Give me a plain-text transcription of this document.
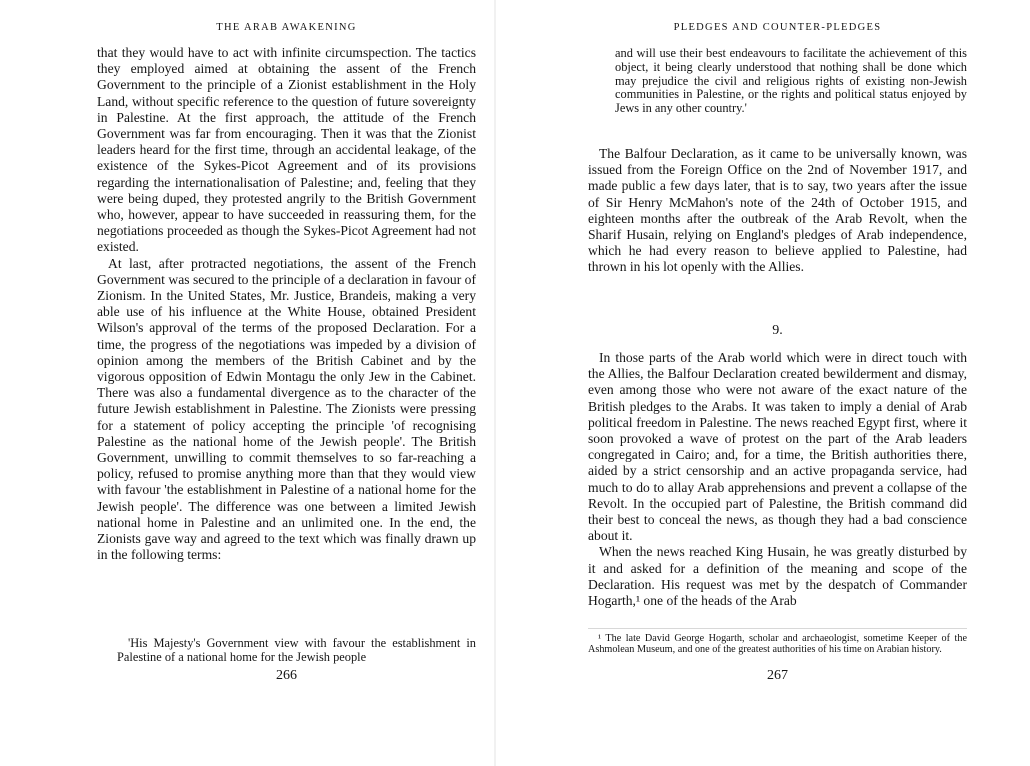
THE ARAB AWAKENING

that they would have to act with infinite circumspection. The tactics they employed aimed at obtaining the assent of the French Government to the principle of a Zionist establishment in the Holy Land, without specific reference to the question of future sovereignty in Palestine. At the first approach, the attitude of the French Government was far from encouraging. Then it was that the Zionist leaders heard for the first time, through an accidental leakage, of the existence of the Sykes-Picot Agreement and of its provisions regarding the internationalisation of Palestine; and, feeling that they were being duped, they protested angrily to the British Government who, however, appear to have succeeded in reassuring them, for the negotiations proceeded as though the Sykes-Picot Agreement had not existed.

At last, after protracted negotiations, the assent of the French Government was secured to the principle of a declaration in favour of Zionism. In the United States, Mr. Justice, Brandeis, making a very able use of his influence at the White House, obtained President Wilson's approval of the terms of the proposed Declaration. For a time, the progress of the negotiations was impeded by a division of opinion among the members of the British Cabinet and by the vigorous opposition of Edwin Montagu the only Jew in the Cabinet. There was also a fundamental divergence as to the character of the future Jewish establishment in Palestine. The Zionists were pressing for a statement of policy accepting the principle 'of recognising Palestine as the national home of the Jewish people'. The British Government, unwilling to commit themselves to so far-reaching a policy, refused to promise anything more than that they would view with favour 'the establishment in Palestine of a national home for the Jewish people'. The difference was one between a limited Jewish national home in Palestine and an unlimited one. In the end, the Zionists gave way and agreed to the text which was finally drawn up in the following terms:

'His Majesty's Government view with favour the establishment in Palestine of a national home for the Jewish people

266
PLEDGES AND COUNTER-PLEDGES

and will use their best endeavours to facilitate the achievement of this object, it being clearly understood that nothing shall be done which may prejudice the civil and religious rights of existing non-Jewish communities in Palestine, or the rights and political status enjoyed by Jews in any other country.'

The Balfour Declaration, as it came to be universally known, was issued from the Foreign Office on the 2nd of November 1917, and made public a few days later, that is to say, two years after the issue of Sir Henry McMahon's note of the 24th of October 1915, and eighteen months after the outbreak of the Arab Revolt, when the Sharif Husain, relying on England's pledges of Arab independence, which he had every reason to believe applied to Palestine, had thrown in his lot openly with the Allies.

9.

In those parts of the Arab world which were in direct touch with the Allies, the Balfour Declaration created bewilderment and dismay, even among those who were not aware of the exact nature of the British pledges to the Arabs. It was taken to imply a denial of Arab political freedom in Palestine. The news reached Egypt first, where it soon provoked a wave of protest on the part of the Arab leaders congregated in Cairo; and, for a time, the British authorities there, aided by a strict censorship and an active propaganda service, had much to do to allay Arab apprehensions and prevent a collapse of the Revolt. In the occupied part of Palestine, the British command did their best to conceal the news, as though they had a bad conscience about it.

When the news reached King Husain, he was greatly disturbed by it and asked for a definition of the meaning and scope of the Declaration. His request was met by the despatch of Commander Hogarth,¹ one of the heads of the Arab

¹ The late David George Hogarth, scholar and archaeologist, sometime Keeper of the Ashmolean Museum, and one of the greatest authorities of his time on Arabian history.

267
